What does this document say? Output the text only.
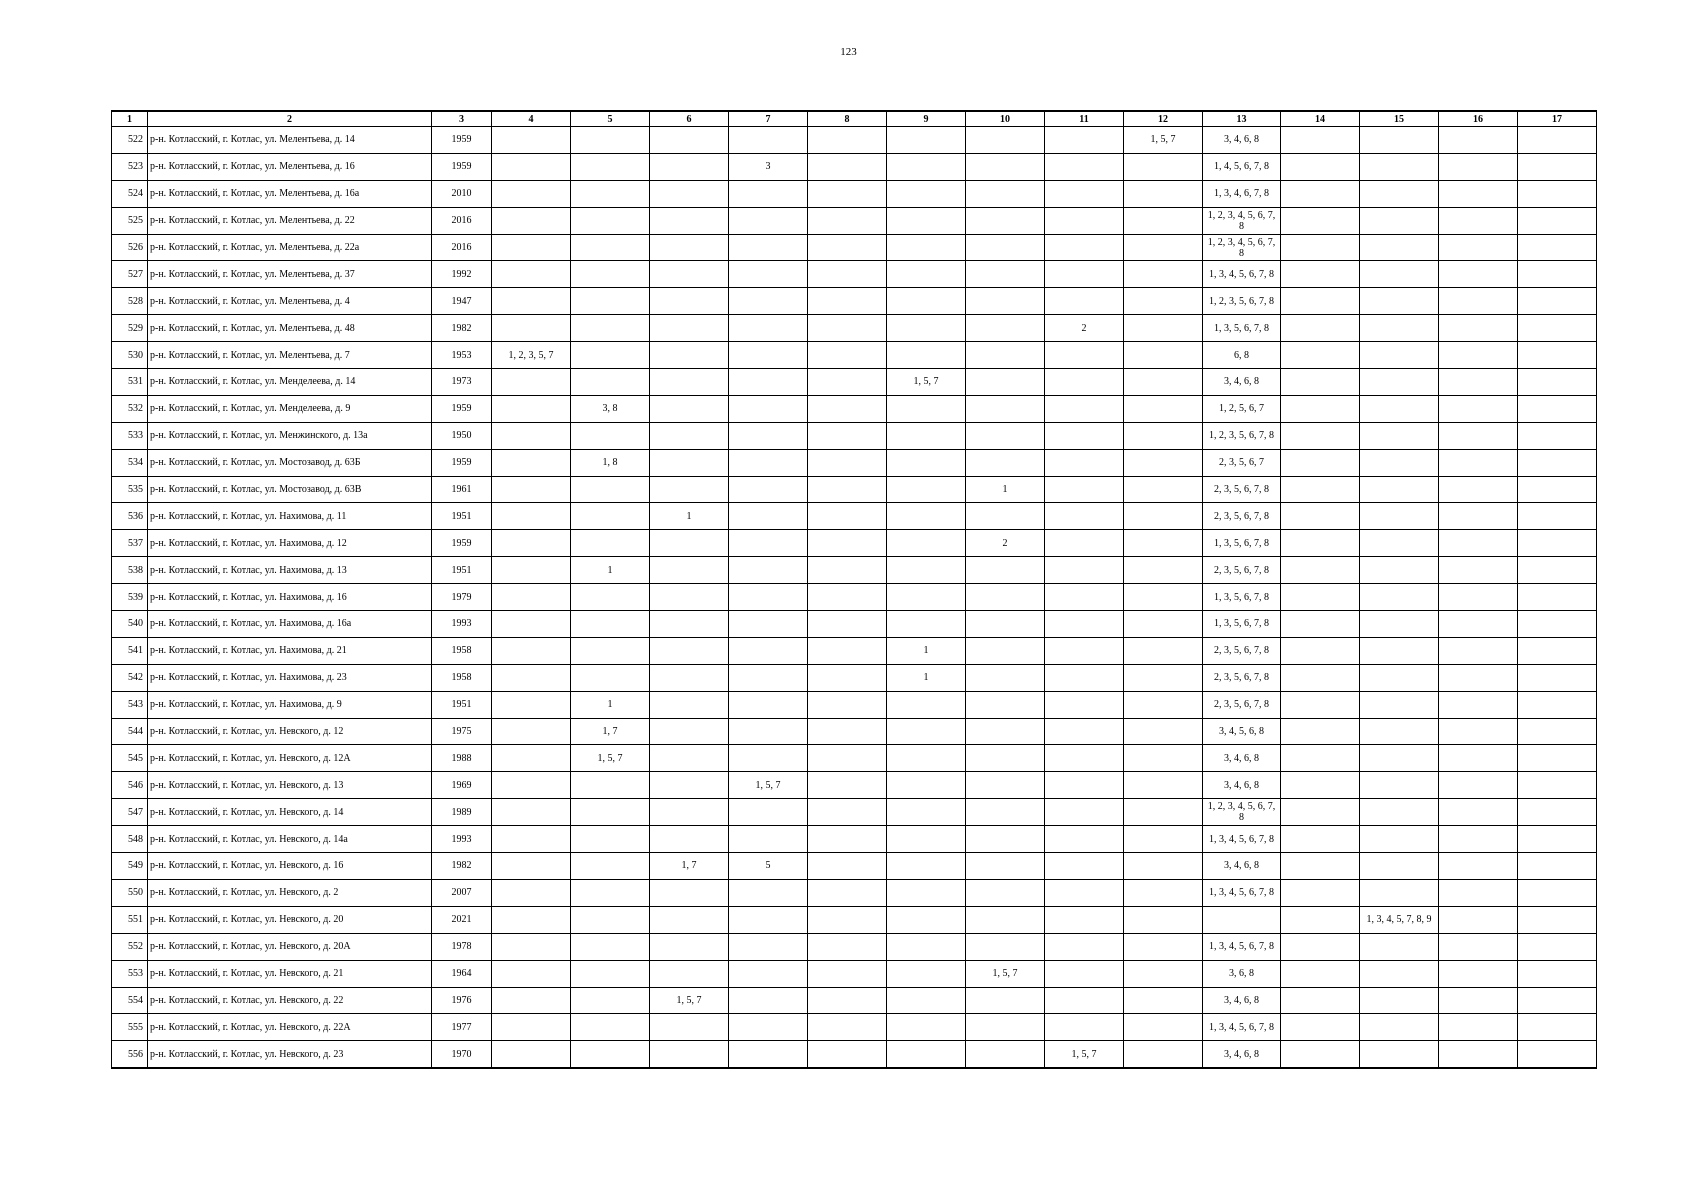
123
1	2	3	4	5	6	7	8	9	10	11	12	13	14	15	16	17
522	р-н. Котласский, г. Котлас, ул. Мелентьева, д. 14	1959									1, 5, 7	3, 4, 6, 8				
523	р-н. Котласский, г. Котлас, ул. Мелентьева, д. 16	1959				3						1, 4, 5, 6, 7, 8				
524	р-н. Котласский, г. Котлас, ул. Мелентьева, д. 16а	2010										1, 3, 4, 6, 7, 8				
525	р-н. Котласский, г. Котлас, ул. Мелентьева, д. 22	2016										1, 2, 3, 4, 5, 6, 7, 8				
526	р-н. Котласский, г. Котлас, ул. Мелентьева, д. 22а	2016										1, 2, 3, 4, 5, 6, 7, 8				
527	р-н. Котласский, г. Котлас, ул. Мелентьева, д. 37	1992										1, 3, 4, 5, 6, 7, 8				
528	р-н. Котласский, г. Котлас, ул. Мелентьева, д. 4	1947										1, 2, 3, 5, 6, 7, 8				
529	р-н. Котласский, г. Котлас, ул. Мелентьева, д. 48	1982								2		1, 3, 5, 6, 7, 8				
530	р-н. Котласский, г. Котлас, ул. Мелентьева, д. 7	1953	1, 2, 3, 5, 7									6, 8				
531	р-н. Котласский, г. Котлас, ул. Менделеева, д. 14	1973						1, 5, 7				3, 4, 6, 8				
532	р-н. Котласский, г. Котлас, ул. Менделеева, д. 9	1959		3, 8								1, 2, 5, 6, 7				
533	р-н. Котласский, г. Котлас, ул. Менжинского, д. 13а	1950										1, 2, 3, 5, 6, 7, 8				
534	р-н. Котласский, г. Котлас, ул. Мостозавод, д. 63Б	1959		1, 8								2, 3, 5, 6, 7				
535	р-н. Котласский, г. Котлас, ул. Мостозавод, д. 63В	1961							1			2, 3, 5, 6, 7, 8				
536	р-н. Котласский, г. Котлас, ул. Нахимова, д. 11	1951			1							2, 3, 5, 6, 7, 8				
537	р-н. Котласский, г. Котлас, ул. Нахимова, д. 12	1959							2			1, 3, 5, 6, 7, 8				
538	р-н. Котласский, г. Котлас, ул. Нахимова, д. 13	1951		1								2, 3, 5, 6, 7, 8				
539	р-н. Котласский, г. Котлас, ул. Нахимова, д. 16	1979										1, 3, 5, 6, 7, 8				
540	р-н. Котласский, г. Котлас, ул. Нахимова, д. 16а	1993										1, 3, 5, 6, 7, 8				
541	р-н. Котласский, г. Котлас, ул. Нахимова, д. 21	1958						1				2, 3, 5, 6, 7, 8				
542	р-н. Котласский, г. Котлас, ул. Нахимова, д. 23	1958						1				2, 3, 5, 6, 7, 8				
543	р-н. Котласский, г. Котлас, ул. Нахимова, д. 9	1951		1								2, 3, 5, 6, 7, 8				
544	р-н. Котласский, г. Котлас, ул. Невского, д. 12	1975		1, 7								3, 4, 5, 6, 8				
545	р-н. Котласский, г. Котлас, ул. Невского, д. 12А	1988		1, 5, 7								3, 4, 6, 8				
546	р-н. Котласский, г. Котлас, ул. Невского, д. 13	1969				1, 5, 7						3, 4, 6, 8				
547	р-н. Котласский, г. Котлас, ул. Невского, д. 14	1989										1, 2, 3, 4, 5, 6, 7, 8				
548	р-н. Котласский, г. Котлас, ул. Невского, д. 14а	1993										1, 3, 4, 5, 6, 7, 8				
549	р-н. Котласский, г. Котлас, ул. Невского, д. 16	1982			1, 7	5						3, 4, 6, 8				
550	р-н. Котласский, г. Котлас, ул. Невского, д. 2	2007										1, 3, 4, 5, 6, 7, 8				
551	р-н. Котласский, г. Котлас, ул. Невского, д. 20	2021												1, 3, 4, 5, 7, 8, 9		
552	р-н. Котласский, г. Котлас, ул. Невского, д. 20А	1978										1, 3, 4, 5, 6, 7, 8				
553	р-н. Котласский, г. Котлас, ул. Невского, д. 21	1964							1, 5, 7			3, 6, 8				
554	р-н. Котласский, г. Котлас, ул. Невского, д. 22	1976			1, 5, 7							3, 4, 6, 8				
555	р-н. Котласский, г. Котлас, ул. Невского, д. 22А	1977										1, 3, 4, 5, 6, 7, 8				
556	р-н. Котласский, г. Котлас, ул. Невского, д. 23	1970								1, 5, 7		3, 4, 6, 8				
